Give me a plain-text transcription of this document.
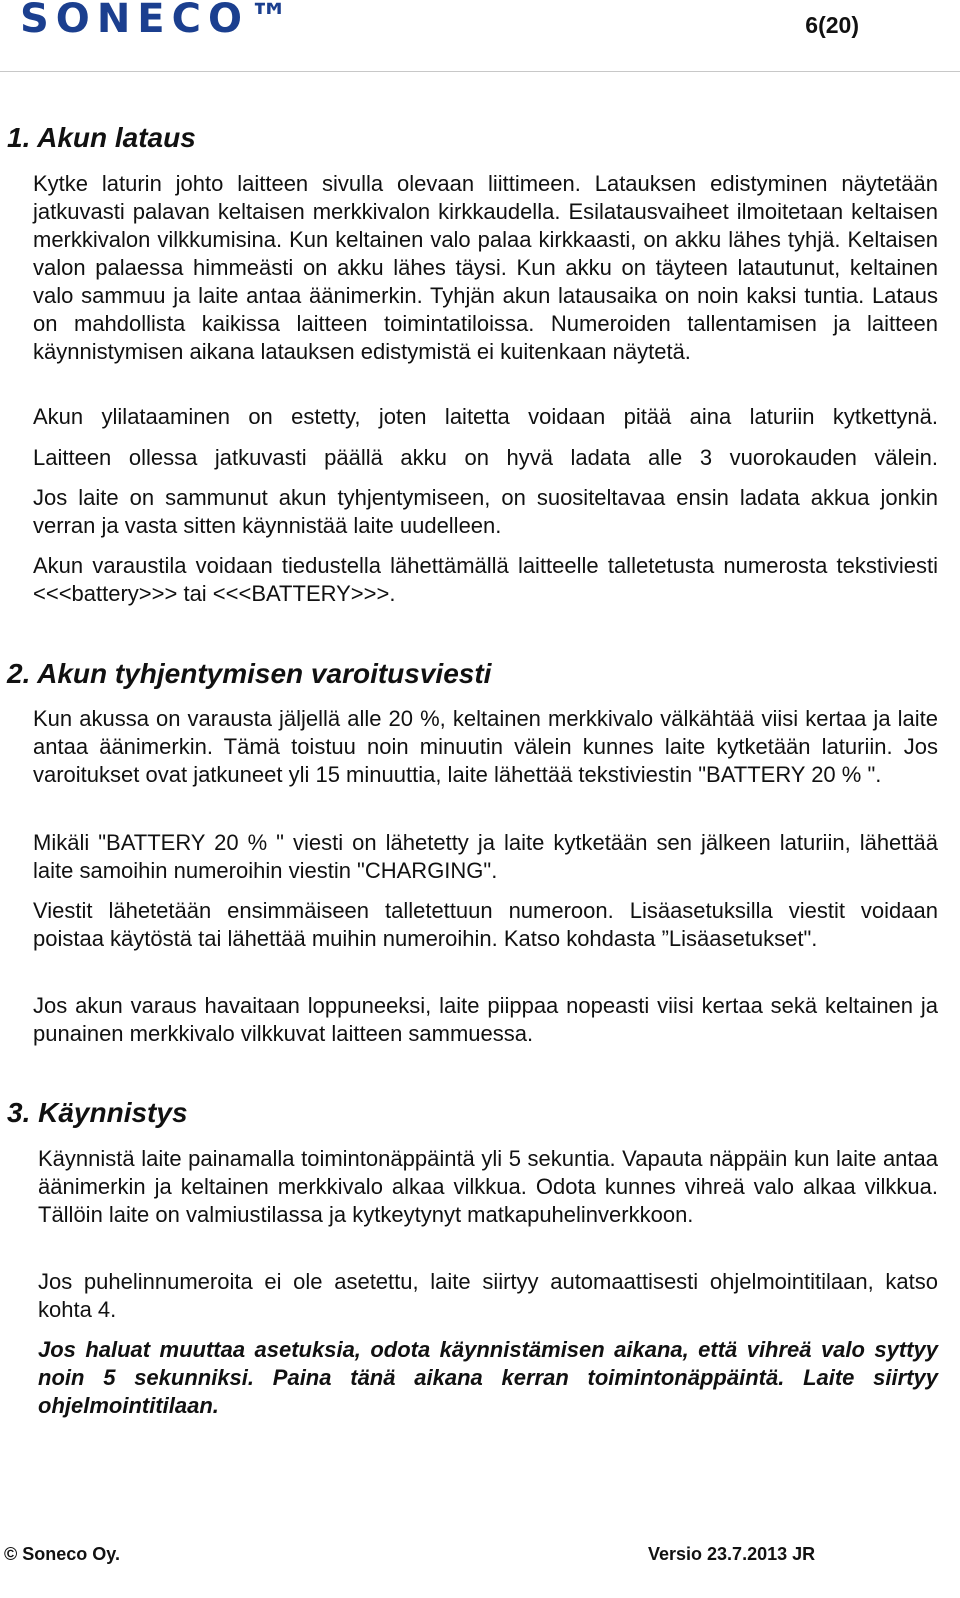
SONECO™	6(20)
1. Akun lataus

Kytke laturin johto laitteen sivulla olevaan liittimeen. Latauksen edistyminen näytetään jatkuvasti palavan keltaisen merkkivalon kirkkaudella. Esilatausvaiheet ilmoitetaan keltaisen merkkivalon vilkkumisina. Kun keltainen valo palaa kirkkaasti, on akku lähes tyhjä. Keltaisen valon palaessa himmeästi on akku lähes täysi. Kun akku on täyteen latautunut, keltainen valo sammuu ja laite antaa äänimerkin. Tyhjän akun latausaika on noin kaksi tuntia. Lataus on mahdollista kaikissa laitteen toimintatiloissa. Numeroiden tallentamisen ja laitteen käynnistymisen aikana latauksen edistymistä ei kuitenkaan näytetä.

Akun ylilataaminen on estetty, joten laitetta voidaan pitää aina laturiin kytkettynä.

Laitteen ollessa jatkuvasti päällä akku on hyvä ladata alle 3 vuorokauden välein.

Jos laite on sammunut akun tyhjentymiseen, on suositeltavaa ensin ladata akkua jonkin verran ja vasta sitten käynnistää laite uudelleen.

Akun varaustila voidaan tiedustella lähettämällä laitteelle talletetusta numerosta tekstiviesti <<<battery>>> tai <<<BATTERY>>>.

2. Akun tyhjentymisen varoitusviesti

Kun akussa on varausta jäljellä alle 20 %, keltainen merkkivalo välkähtää viisi kertaa ja laite antaa äänimerkin. Tämä toistuu noin minuutin välein kunnes laite kytketään laturiin. Jos varoitukset ovat jatkuneet yli 15 minuuttia, laite lähettää tekstiviestin "BATTERY 20 % ".

Mikäli "BATTERY 20 % " viesti on lähetetty ja laite kytketään sen jälkeen laturiin, lähettää laite samoihin numeroihin viestin "CHARGING".

Viestit lähetetään ensimmäiseen talletettuun numeroon. Lisäasetuksilla viestit voidaan poistaa käytöstä tai lähettää muihin numeroihin. Katso kohdasta ”Lisäasetukset".

Jos akun varaus havaitaan loppuneeksi, laite piippaa nopeasti viisi kertaa sekä keltainen ja punainen merkkivalo vilkkuvat laitteen sammuessa.

3. Käynnistys

Käynnistä laite painamalla toimintonäppäintä yli 5 sekuntia. Vapauta näppäin kun laite antaa äänimerkin ja keltainen merkkivalo alkaa vilkkua. Odota kunnes vihreä valo alkaa vilkkua. Tällöin laite on valmiustilassa ja kytkeytynyt matkapuhelinverkkoon.

Jos puhelinnumeroita ei ole asetettu, laite siirtyy automaattisesti ohjelmointitilaan, katso kohta 4.

Jos haluat muuttaa asetuksia, odota käynnistämisen aikana, että vihreä valo syttyy noin 5 sekunniksi. Paina tänä aikana kerran toimintonäppäintä. Laite siirtyy ohjelmointitilaan.

© Soneco Oy.	Versio 23.7.2013 JR
